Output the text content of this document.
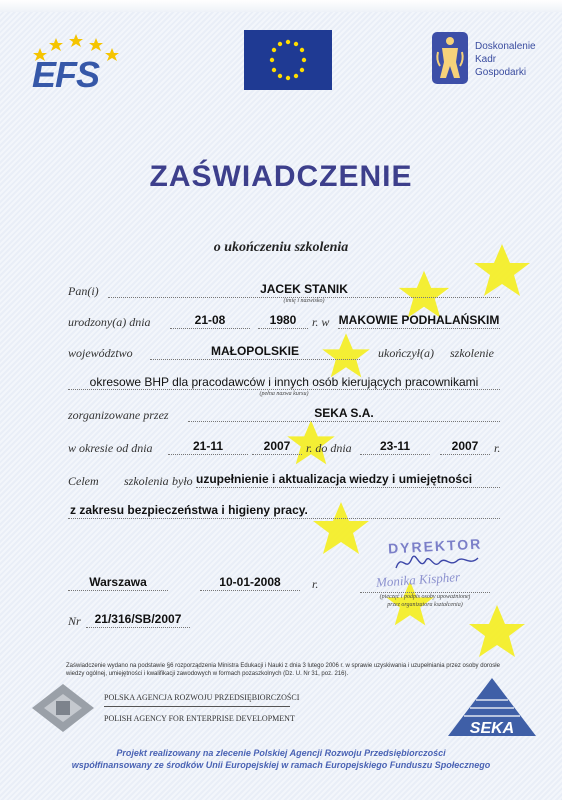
EFS
Doskonalenie
Kadr
Gospodarki
ZAŚWIADCZENIE
o ukończeniu szkolenia
Pan(i)	JACEK STANIK
(imię i nazwisko)
urodzony(a) dnia	21-08	1980	r. w MAKOWIE PODHALAŃSKIM
województwo	MAŁOPOLSKIE	ukończył(a) szkolenie
okresowe BHP dla pracodawców i innych osób kierujących pracownikami
(pełna nazwa kursu)
zorganizowane przez	SEKA S.A.
w okresie od dnia	21-11	2007	r. do dnia	23-11	2007	r.
Celem szkolenia było uzupełnienie i aktualizacja wiedzy i umiejętności
z zakresu bezpieczeństwa i higieny pracy.
Warszawa	10-01-2008	r.
DYREKTOR
Monika Kispher
(pieczęć i podpis osoby upoważnionej
przez organizatora kształcenia)
Nr	21/316/SB/2007
Zaświadczenie wydano na podstawie §6 rozporządzenia Ministra Edukacji i Nauki z dnia 3 lutego 2006 r. w sprawie uzyskiwania i uzupełniania przez osoby dorosłe wiedzy ogólnej, umiejętności i kwalifikacji zawodowych w formach pozaszkolnych (Dz. U. Nr 31, poz. 216).
POLSKA AGENCJA ROZWOJU PRZEDSIĘBIORCZOŚCI
POLISH AGENCY FOR ENTERPRISE DEVELOPMENT
SEKA
Projekt realizowany na zlecenie Polskiej Agencji Rozwoju Przedsiębiorczości
współfinansowany ze środków Unii Europejskiej w ramach Europejskiego Funduszu Społecznego
